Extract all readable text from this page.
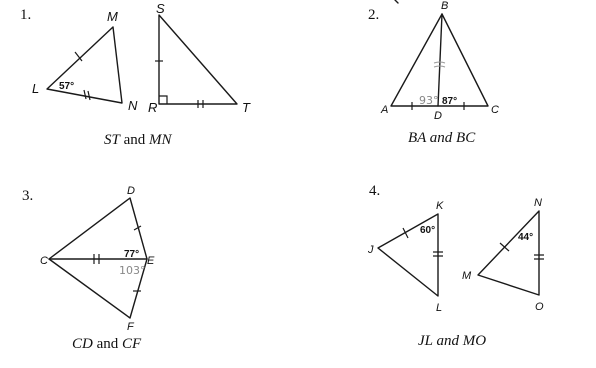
1.	M
L
N
57°
S
R	T
ST and MN
2.
B
A	D	C
87°
93°
BA and BC
3.	D
C	E
F
77°
103°
CD and CF
4.
K
J
L
60°
N
M
O
44°
JL and MO
